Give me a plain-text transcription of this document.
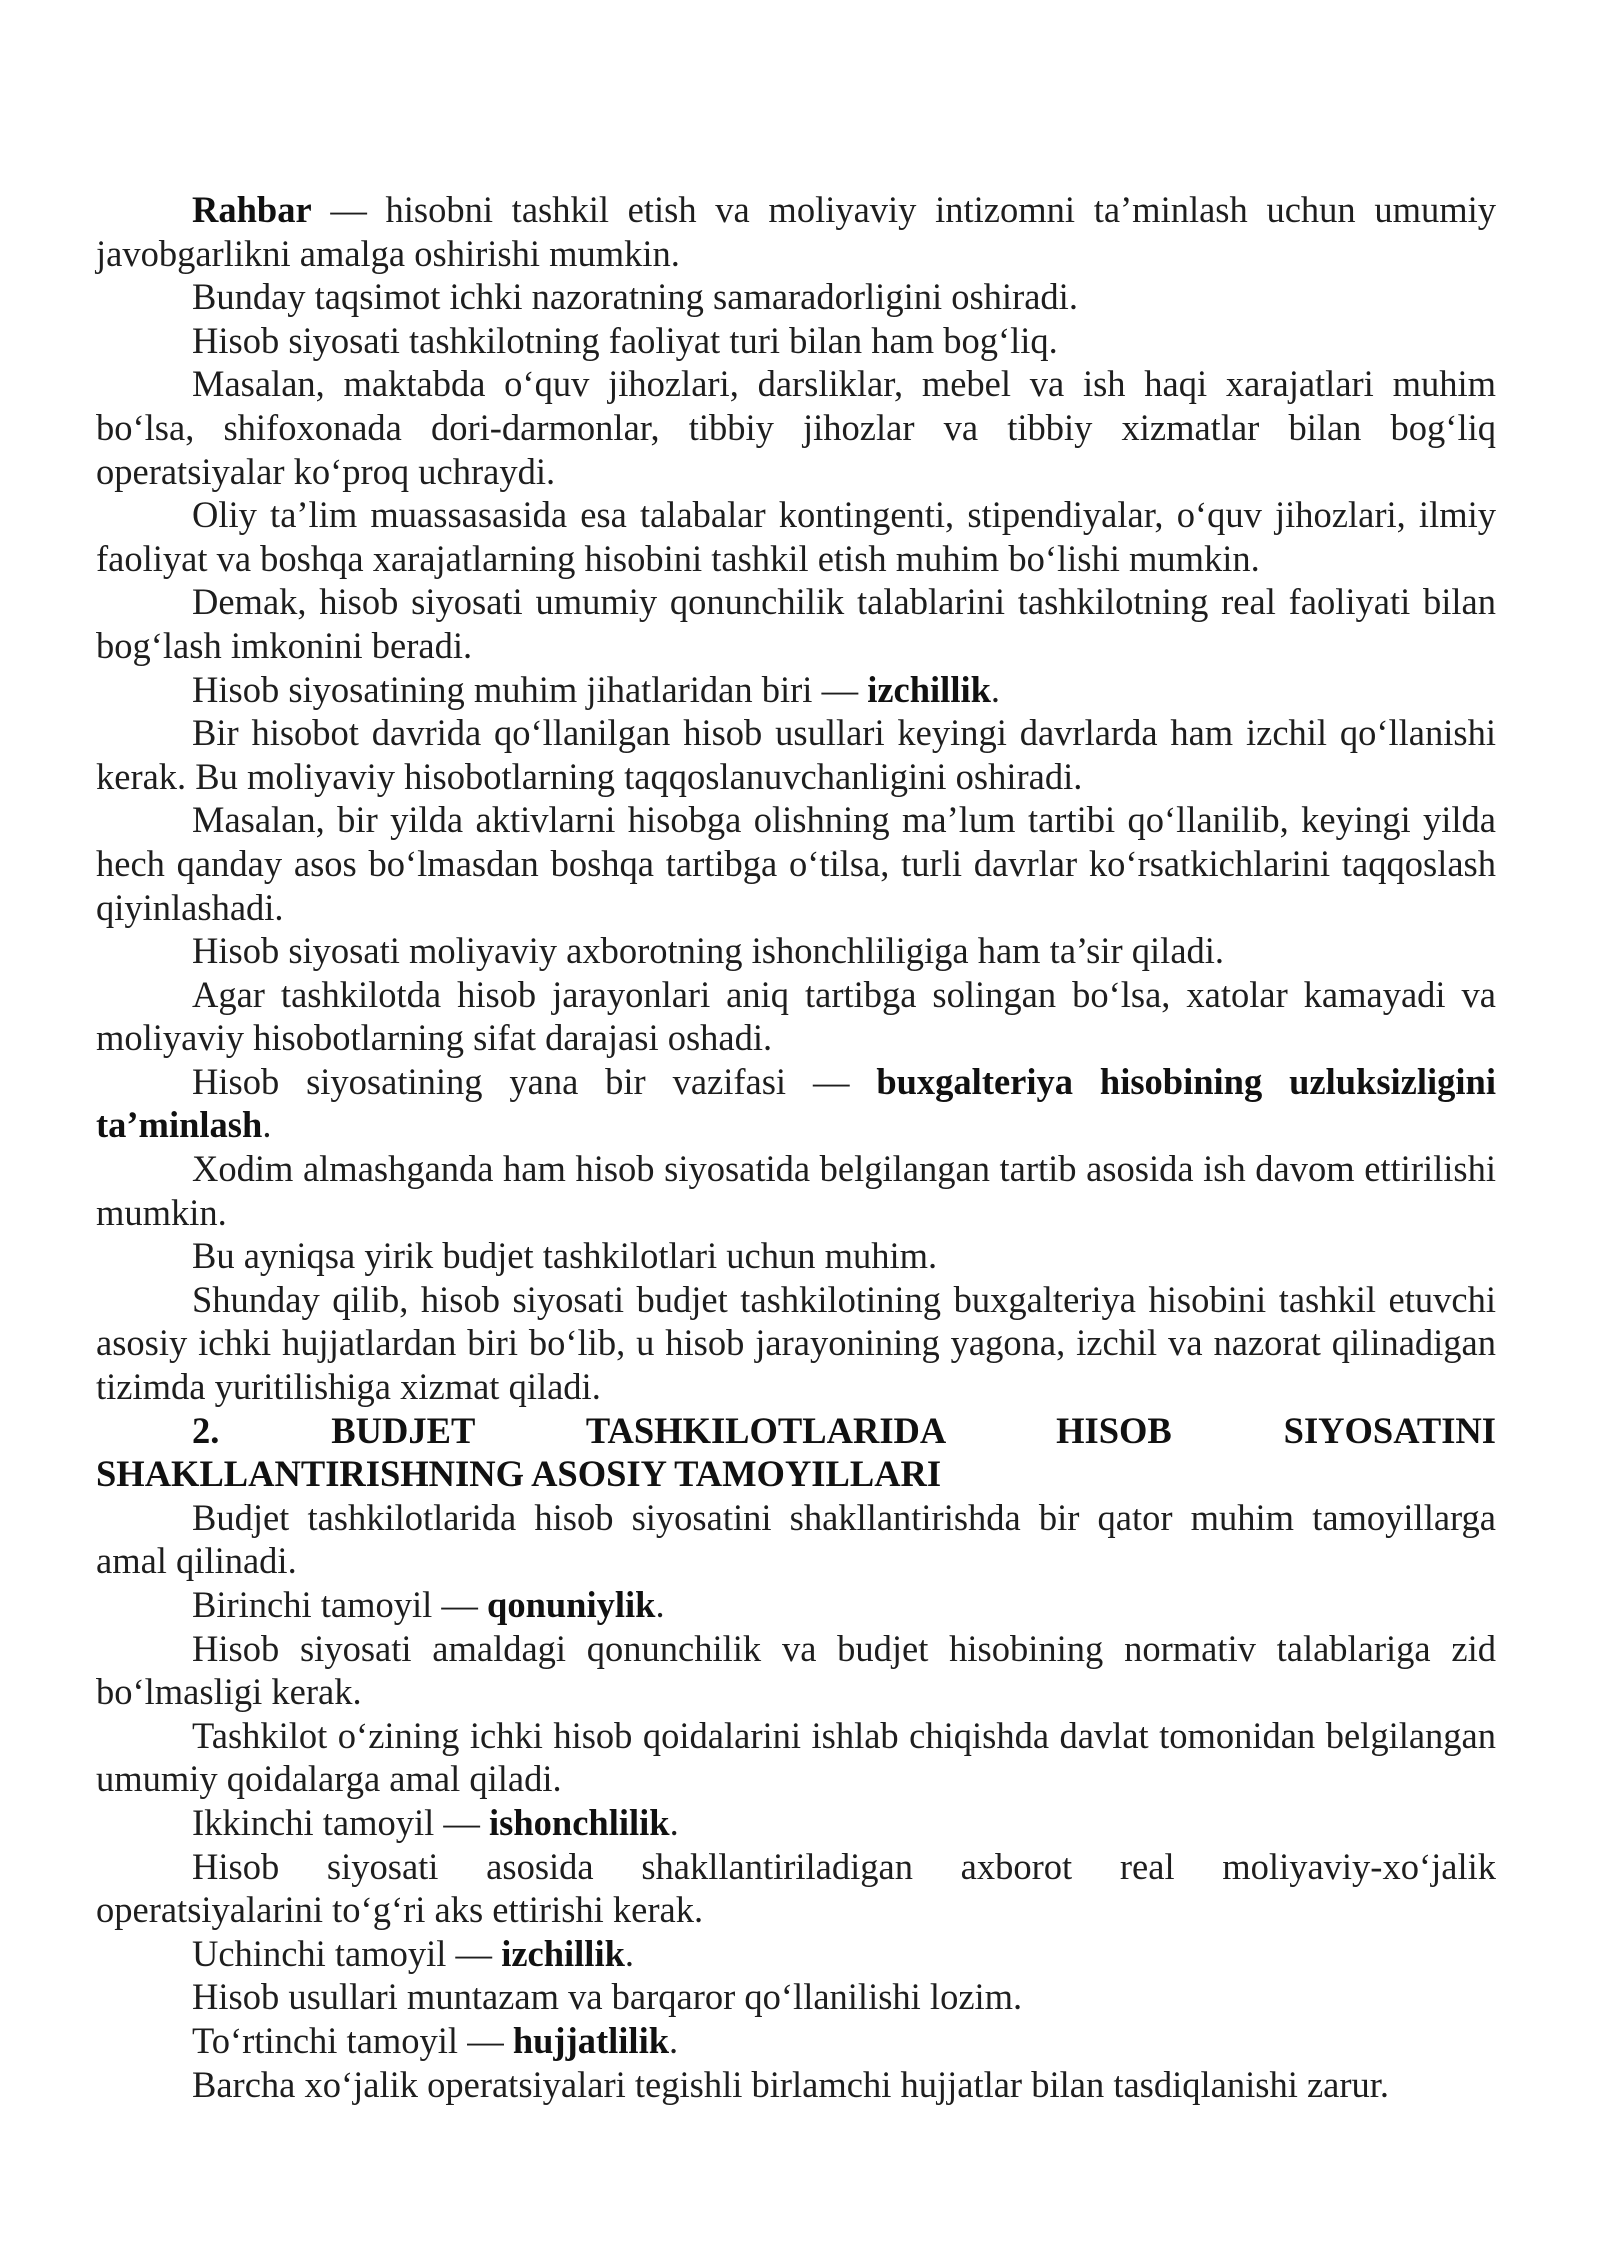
Rahbar — hisobni tashkil etish va moliyaviy intizomni ta’minlash uchun umumiy javobgarlikni amalga oshirishi mumkin.

Bunday taqsimot ichki nazoratning samaradorligini oshiradi.

Hisob siyosati tashkilotning faoliyat turi bilan ham bog‘liq.

Masalan, maktabda o‘quv jihozlari, darsliklar, mebel va ish haqi xarajatlari muhim bo‘lsa, shifoxonada dori-darmonlar, tibbiy jihozlar va tibbiy xizmatlar bilan bog‘liq operatsiyalar ko‘proq uchraydi.

Oliy ta’lim muassasasida esa talabalar kontingenti, stipendiyalar, o‘quv jihozlari, ilmiy faoliyat va boshqa xarajatlarning hisobini tashkil etish muhim bo‘lishi mumkin.

Demak, hisob siyosati umumiy qonunchilik talablarini tashkilotning real faoliyati bilan bog‘lash imkonini beradi.

Hisob siyosatining muhim jihatlaridan biri — izchillik.

Bir hisobot davrida qo‘llanilgan hisob usullari keyingi davrlarda ham izchil qo‘llanishi kerak. Bu moliyaviy hisobotlarning taqqoslanuvchanligini oshiradi.

Masalan, bir yilda aktivlarni hisobga olishning ma’lum tartibi qo‘llanilib, keyingi yilda hech qanday asos bo‘lmasdan boshqa tartibga o‘tilsa, turli davrlar ko‘rsatkichlarini taqqoslash qiyinlashadi.

Hisob siyosati moliyaviy axborotning ishonchliligiga ham ta’sir qiladi.

Agar tashkilotda hisob jarayonlari aniq tartibga solingan bo‘lsa, xatolar kamayadi va moliyaviy hisobotlarning sifat darajasi oshadi.

Hisob siyosatining yana bir vazifasi — buxgalteriya hisobining uzluksizligini ta’minlash.

Xodim almashganda ham hisob siyosatida belgilangan tartib asosida ish davom ettirilishi mumkin.

Bu ayniqsa yirik budjet tashkilotlari uchun muhim.

Shunday qilib, hisob siyosati budjet tashkilotining buxgalteriya hisobini tashkil etuvchi asosiy ichki hujjatlardan biri bo‘lib, u hisob jarayonining yagona, izchil va nazorat qilinadigan tizimda yuritilishiga xizmat qiladi.

2. BUDJET TASHKILOTLARIDA HISOB SIYOSATINI SHAKLLANTIRISHNING ASOSIY TAMOYILLARI

Budjet tashkilotlarida hisob siyosatini shakllantirishda bir qator muhim tamoyillarga amal qilinadi.

Birinchi tamoyil — qonuniylik.

Hisob siyosati amaldagi qonunchilik va budjet hisobining normativ talablariga zid bo‘lmasligi kerak.

Tashkilot o‘zining ichki hisob qoidalarini ishlab chiqishda davlat tomonidan belgilangan umumiy qoidalarga amal qiladi.

Ikkinchi tamoyil — ishonchlilik.

Hisob siyosati asosida shakllantiriladigan axborot real moliyaviy-xo‘jalik operatsiyalarini to‘g‘ri aks ettirishi kerak.

Uchinchi tamoyil — izchillik.

Hisob usullari muntazam va barqaror qo‘llanilishi lozim.

To‘rtinchi tamoyil — hujjatlilik.

Barcha xo‘jalik operatsiyalari tegishli birlamchi hujjatlar bilan tasdiqlanishi zarur.
